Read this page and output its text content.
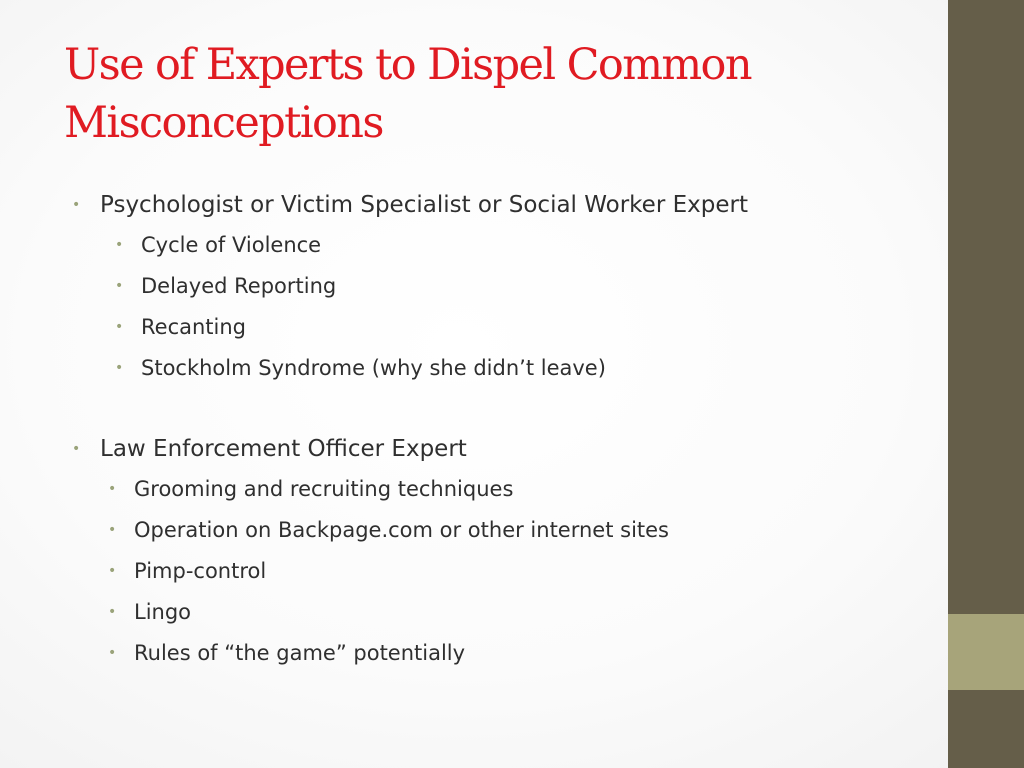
Use of Experts to Dispel Common Misconceptions
• Psychologist or Victim Specialist or Social Worker Expert
• Cycle of Violence
• Delayed Reporting
• Recanting
• Stockholm Syndrome (why she didn’t leave)
• Law Enforcement Officer Expert
• Grooming and recruiting techniques
• Operation on Backpage.com or other internet sites
• Pimp-control
• Lingo
• Rules of “the game” potentially
